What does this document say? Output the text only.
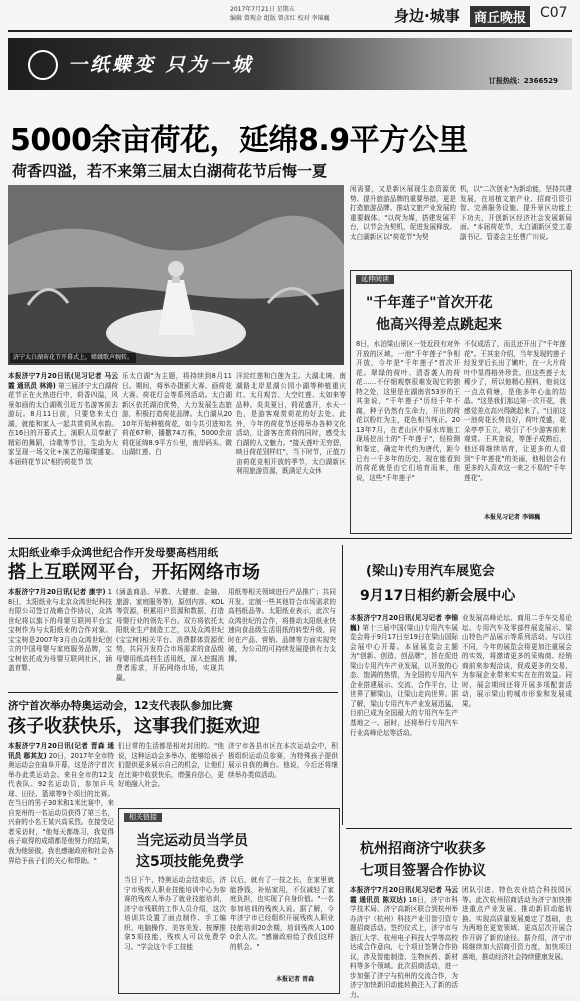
2017年7月21日 星期五
编辑 曾现金 组版 曾彦红 校对 李锦巍	身边·城事	商丘晚报 C07
一纸蝶变 只为一城
订报热线：2366529
5000余亩荷花，延绵8.9平方公里
荷香四溢，若不来第三届太白湖荷花节后悔一夏
济宁太白湖荷花节开幕式上，嫦娥歌声婉转。
本报济宁7月20日讯(见习记者 马云霞 通讯员 林涛) 第三届济宁太白湖荷花节正在火热进行中，荷香四溢，风景如画的太白湖吸引近万名游客前去游玩。8月11日前，只要您来太白湖，就能和家人一起共赏荷风水韵。在16日的开幕式上，演职人员奉献了精彩的舞蹈，诗歌等节目，生动为大家呈现一场文化+演艺的璀璨盛宴。本届荷花节以"相约荷花节 饮
乐太白湖"为主题，将持续到8月11日。期间，将举办摄影大赛、画荷花大赛、荷花灯会等系列活动。太白湖新区依托湖泊优势，大力发展生态旅游，积极打造荷花品牌。太白湖从2010年开始种植荷花，如今共引进知名荷花67种，播撒74万株，5000余亩荷花延绵8.9平方公里，南岸码头、微山湖红莲、白
洋淀红莲和白莲为主。大湖北境、南湖路北岸星湖公园小湖等种植重庆红、太月观音、大空红莲、太如来等品种。炎炎夏日，荷花盛开，水天一色，是游客观赏荷花的好去处。此外，今年的荷花节还将举办各种文化活动，让游客在赏荷的同时，感受太白湖的人文魅力。"接天莲叶无穷碧，映日荷花别样红"，当下时节，正值万亩荷花竞相开放的季节，太白湖新区利用旅游资源，既满足大众休
闲需要，又是新区展现生态资源优势、提升旅游品牌的重要举措，更是打造旅游品牌、推动文旅产业发展的重要载体。"以荷为媒，搭建发展平台，以节会为契机，促进发展释放。太白湖新区以"荷花节"为契
机，以"二次创业"为新动能，坚持共建发展，在培植文旅产业、招商引资引智、完善服务设施、提升景区功能上下功夫，开创新区经济社会发展新局面。"本届荷花节，太白湖新区党工委副书记、管委会主任曹广川说。
延伸阅读
"千年莲子"首次开花
他高兴得差点跳起来
8日，水泊梁山景区一处近段有对外开放的区域，一池"千年莲子"争相开放，今年是"千年莲子"首次开花。翠绿的荷叶、清香袭人的荷花……不仔细观察很难发现它的独特之处，这里是在湖南省53岁的王其奎说，"千年莲子"历经千年不腐，种子仍然有生命力，开出的荷花以粉红为主，花色相当纯正。2013年7月，在老山区中原水库施工现场挖出土的"千年莲子"，经检测和鉴定，确定年代约为唐代，距今已有一千多年的历史，现在能看到的荷花就是由它们培育而来，他说，这些"千年莲子"
不仅成活了，而且还开出了"千年莲花"。王其奎介绍，当年发现的莲子经发芽后长出了嫩叶，在一大片荷叶中显得格外珍贵。但这些莲子太稀少了，所以他精心照料，他说这一点点荷塘，是他多年心血的结晶。"这是我们那边第一次开花，我感觉差点高兴得跳起来了。"目前这一池荷花长势良好，荷叶茂盛，花朵亭亭玉立，吸引了不少游客前来观赏。王其奎说，等莲子成熟后，他还将继续培育，让更多的人看到"千年莲花"的美丽，他相信会有更多的人喜欢这一来之不易的"千年莲花"。
本报见习记者 李锦巍
太阳纸业牵手众鸿世纪合作开发母婴高档用纸
搭上互联网平台，开拓网络市场
本报济宁7月20日讯(记者 康宇) 18日，太阳纸业与北京众鸿世纪科技有限公司签订战略合作协议，众鸿世纪将以旗下的母婴互联网平台宝宝树作为与太阳纸业的合作对象。宝宝树是2007年3月由众鸿世纪创立的中国母婴与家庭服务品牌，宝宝树依托成为母婴互联网社区，涵盖育婴、
(涵盖商品、早教、大健康、金融、旅游、家庭服务等)，原创内容、KOL等资源，积累用户资源和数据，打造母婴行业的领先平台。双方将依托太阳纸业生产制造工艺，以及众鸿世纪(宝宝树)相关平台、消费群体资源优势，共同开发符合市场需求的食品级母婴用纸高档生活用纸，深入挖掘消费者需求，开拓网络市场，实现共赢。
用纸等相关领域进行产品推广；共同开发、定制一些其他符合市场需求的高档纸品等。太阳纸业表示，此次与众鸿世纪的合作，将推动太阳纸业快速向食品级生活用纸的转型升级，同时在产品、营销、品牌等方面实现突破，为公司的可持续发展提供有力支撑。
(梁山)专用汽车展览会
9月17日相约新会展中心
本报济宁7月20日讯(见习记者 李锦巍) 第十三届中国(梁山)专用汽车展览会将于9月17日至19日在梁山国际会展中心开幕。本届展览会主题为"创新、创造、创品牌"，旨在促进梁山专用汽车产业发展，以开放的心态、饱满的热情，为全国的专用汽车企业搭建展示、交流、合作平台，让世界了解梁山，让梁山走向世界。据了解，梁山专用汽车产业发展迅猛，目前已成为全国最大的专用汽车生产基地之一。届时，还将举行专用汽车行业高峰论坛等活动。
业发展高峰论坛、商用二手车交易论坛、专用汽车及零部件展览展示、梁山特色产品展示等系列活动。与以往不同，今年的展览会将更加注重展会的实效，将邀请更多的采购商、经销商前来参观洽谈，促成更多的交易，为参展企业带来实实在在的效益。同时，展会期间还将开展多项配套活动，展示梁山的城市形象和发展成果。
济宁首次举办特奥运动会，12支代表队参加比赛
孩子收获快乐，这事我们挺欢迎
本报济宁7月20日讯(记者 晋森 通讯员 郗其友) 20日，2017年全市特奥运动会在曲阜开幕，这是济宁首次举办此类运动会。来自全市的12支代表队、92名运动员，参加乒乓球、田径、篮球等9个项目的比赛。在当日的男子30米和1米比赛中，来自兖州的一名运动员获得了第三名，兴奋的小名王某兴高采烈。在接受记者采访时，"他每天都练习，我觉得孩子取得的成绩都是他努力的结果，我为他骄傲，我也感谢政府和社会各界给予孩子们的关心和帮助。"
们日常的生活都是相对封闭的。"他说，这种运动会多举办，能够给孩子们提供更多展示自己的机会，让他们在比赛中收获快乐，增强自信心，更好地融入社会。
济宁市各县市区在本次运动会中，积极组织运动员参赛，为特殊孩子提供展示自我的舞台。他说，今后还将继续举办类似活动。
相关链接
当完运动员当学员
这5项技能免费学
当日下午，特奥运动会结束后，济宁市残疾人职业技能培训中心为参赛的残疾人举办了就业技能培训，济宁市残联的工作人员介绍，这次培训共设置了面点制作、手工编织、电脑操作、美容美发、按摩推拿5项技能，残疾人可以免费学习。"学会这个手工技能
以后，就有了一技之长，在家里就能挣钱，补贴家用，不仅减轻了家庭负担，也实现了自身价值。"一名参加培训的残疾人说。据了解，今年济宁市已经组织开展残疾人职业技能培训20余期，培训残疾人1000余人次。"感谢政府给了我们这样的机会。"
本报记者 晋森
杭州招商济宁收获多
七项目签署合作协议
本报济宁7月20日讯(见习记者 马云霞 通讯员 陈双达) 18日，济宁市科学技术局、济宁高新区联合到杭州举办济宁（杭州）科技产业引智引资专题招商活动。签约仪式上，济宁市与浙江大学、杭州电子科技大学等高校达成合作意向，七个项目签署合作协议，涉及智能制造、生物医药、新材料等多个领域。此次招商活动，进一步加强了济宁与杭州的交流合作，为济宁加快新旧动能转换注入了新的活力。
团队引进、特色农业结合科技园区等。此次杭州招商活动为济宁加快推进重点产业发展、推动新旧动能转换、实现高质量发展奠定了基础，也为两地在更宽领域、更高层次开展合作开辟了新的途径。据介绍，济宁市将继续加大招商引资力度，加快项目落地，推动经济社会持续健康发展。
